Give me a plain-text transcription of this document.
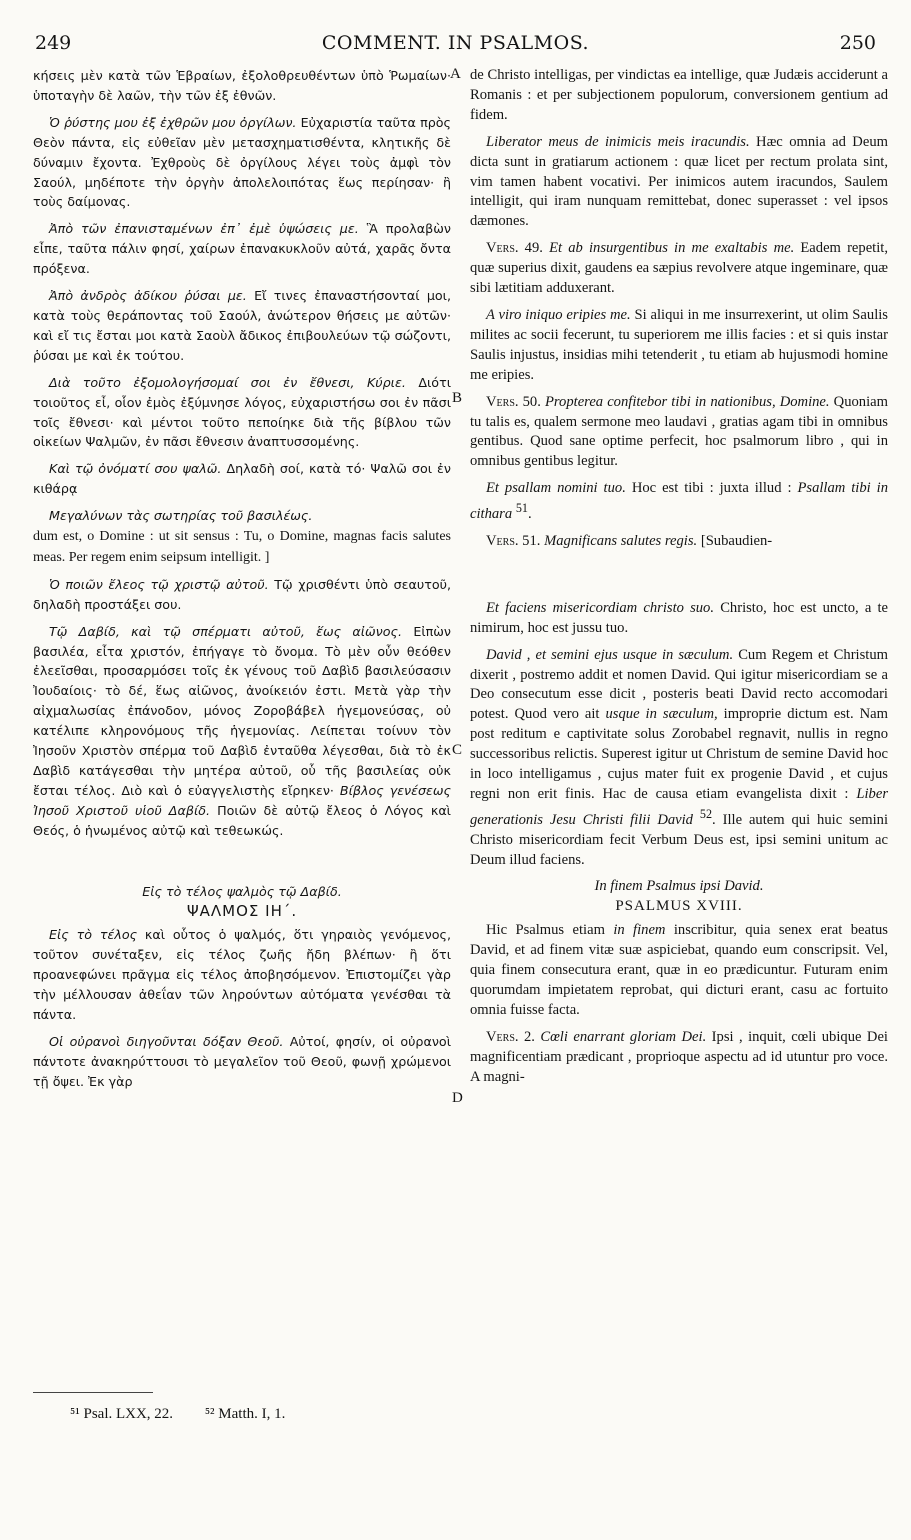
249	COMMENT. IN PSALMOS.	250
A
B
C
D

κήσεις μὲν κατὰ τῶν Ἑβραίων, ἐξολοθρευθέντων ὑπὸ Ῥωμαίων· ὑποταγὴν δὲ λαῶν, τὴν τῶν ἐξ ἐθνῶν.

Ὁ ῥύστης μου ἐξ ἐχθρῶν μου ὀργίλων. Εὐχαριστία ταῦτα πρὸς Θεὸν πάντα, εἰς εὐθεῖαν μὲν μετασχηματισθέντα, κλητικῆς δὲ δύναμιν ἔχοντα. Ἐχθροὺς δὲ ὀργίλους λέγει τοὺς ἀμφὶ τὸν Σαούλ, μηδέποτε τὴν ὀργὴν ἀπολελοιπότας ἕως περίησαν· ἢ τοὺς δαίμονας.

Ἀπὸ τῶν ἐπανισταμένων ἐπ᾽ ἐμὲ ὑψώσεις με. Ἃ προλαβὼν εἶπε, ταῦτα πάλιν φησί, χαίρων ἐπανακυκλοῦν αὐτά, χαρᾶς ὄντα πρόξενα.

Ἀπὸ ἀνδρὸς ἀδίκου ῥύσαι με. Εἴ τινες ἐπαναστήσονταί μοι, κατὰ τοὺς θεράποντας τοῦ Σαούλ, ἀνώτερον θήσεις με αὐτῶν· καὶ εἴ τις ἔσται μοι κατὰ Σαοὺλ ἄδικος ἐπιβουλεύων τῷ σώζοντι, ῥύσαι με καὶ ἐκ τούτου.

Διὰ τοῦτο ἐξομολογήσομαί σοι ἐν ἔθνεσι, Κύριε. Διότι τοιοῦτος εἶ, οἷον ἐμὸς ἐξύμνησε λόγος, εὐχαριστήσω σοι ἐν πᾶσι τοῖς ἔθνεσι· καὶ μέντοι τοῦτο πεποίηκε διὰ τῆς βίβλου τῶν οἰκείων Ψαλμῶν, ἐν πᾶσι ἔθνεσιν ἀναπτυσσομένης.

Καὶ τῷ ὀνόματί σου ψαλῶ. Δηλαδὴ σοί, κατὰ τό· Ψαλῶ σοι ἐν κιθάρᾳ

Μεγαλύνων τὰς σωτηρίας τοῦ βασιλέως.
dum est, o Domine : ut sit sensus : Tu, o Domine, magnas facis salutes meas. Per regem enim seipsum intelligit. ]

Ὁ ποιῶν ἔλεος τῷ χριστῷ αὐτοῦ. Τῷ χρισθέντι ὑπὸ σεαυτοῦ, δηλαδὴ προστάξει σου.

Τῷ Δαβίδ, καὶ τῷ σπέρματι αὐτοῦ, ἕως αἰῶνος. Εἰπὼν βασιλέα, εἶτα χριστόν, ἐπήγαγε τὸ ὄνομα. Τὸ μὲν οὖν θεόθεν ἐλεεῖσθαι, προσαρμόσει τοῖς ἐκ γένους τοῦ Δαβὶδ βασιλεύσασιν Ἰουδαίοις· τὸ δέ, ἕως αἰῶνος, ἀνοίκειόν ἐστι. Μετὰ γὰρ τὴν αἰχμαλωσίας ἐπάνοδον, μόνος Ζοροβάβελ ἡγεμονεύσας, οὐ κατέλιπε κληρονόμους τῆς ἡγεμονίας. Λείπεται τοίνυν τὸν Ἰησοῦν Χριστὸν σπέρμα τοῦ Δαβὶδ ἐνταῦθα λέγεσθαι, διὰ τὸ ἐκ Δαβὶδ κατάγεσθαι τὴν μητέρα αὐτοῦ, οὗ τῆς βασιλείας οὐκ ἔσται τέλος. Διὸ καὶ ὁ εὐαγγελιστὴς εἴρηκεν· Βίβλος γενέσεως Ἰησοῦ Χριστοῦ υἱοῦ Δαβίδ. Ποιῶν δὲ αὐτῷ ἔλεος ὁ Λόγος καὶ Θεός, ὁ ἡνωμένος αὐτῷ καὶ τεθεωκώς.

Εἰς τὸ τέλος ψαλμὸς τῷ Δαβίδ.

ΨΑΛΜΟΣ ΙΗ΄.

Εἰς τὸ τέλος καὶ οὗτος ὁ ψαλμός, ὅτι γηραιὸς γενόμενος, τοῦτον συνέταξεν, εἰς τέλος ζωῆς ἤδη βλέπων· ἢ ὅτι προανεφώνει πρᾶγμα εἰς τέλος ἀποβησόμενον. Ἐπιστομίζει γὰρ τὴν μέλλουσαν ἀθεΐαν τῶν ληρούντων αὐτόματα γενέσθαι τὰ πάντα.

Οἱ οὐρανοὶ διηγοῦνται δόξαν Θεοῦ. Αὐτοί, φησίν, οἱ οὐρανοὶ πάντοτε ἀνακηρύττουσι τὸ μεγαλεῖον τοῦ Θεοῦ, φωνῇ χρώμενοι τῇ ὄψει. Ἐκ γὰρ

de Christo intelligas, per vindictas ea intellige, quæ Judæis acciderunt a Romanis : et per subjectionem populorum, conversionem gentium ad fidem.

Liberator meus de inimicis meis iracundis. Hæc omnia ad Deum dicta sunt in gratiarum actionem : quæ licet per rectum prolata sint, vim tamen habent vocativi. Per inimicos autem iracundos, Saulem intelligit, qui iram nunquam remittebat, donec superasset : vel ipsos dæmones.

Vers. 49. Et ab insurgentibus in me exaltabis me. Eadem repetit, quæ superius dixit, gaudens ea sæpius revolvere atque ingeminare, quæ sibi lætitiam adduxerant.

A viro iniquo eripies me. Si aliqui in me insurrexerint, ut olim Saulis milites ac socii fecerunt, tu superiorem me illis facies : et si quis instar Saulis injustus, insidias mihi tetenderit , tu etiam ab hujusmodi homine me eripies.

Vers. 50. Propterea confitebor tibi in nationibus, Domine. Quoniam tu talis es, qualem sermone meo laudavi , gratias agam tibi in omnibus gentibus. Quod sane optime perfecit, hoc psalmorum libro , qui in omnibus gentibus legitur.

Et psallam nomini tuo. Hoc est tibi : juxta illud : Psallam tibi in cithara $^{51}$.

Vers. 51. Magnificans salutes regis. [Subaudien-

Et faciens misericordiam christo suo. Christo, hoc est uncto, a te nimirum, hoc est jussu tuo.

David , et semini ejus usque in sæculum. Cum Regem et Christum dixerit , postremo addit et nomen David. Qui igitur misericordiam se a Deo consecutum esse dicit , posteris beati David recto accomodari potest. Quod vero ait usque in sæculum, improprie dictum est. Nam post reditum e captivitate solus Zorobabel regnavit, nullis in regno successoribus relictis. Superest igitur ut Christum de semine David hoc in loco intelligamus , cujus mater fuit ex progenie David , et cujus regni non erit finis. Hac de causa etiam evangelista dixit : Liber generationis Jesu Christi filii David $^{52}$. Ille autem qui huic semini Christo misericordiam fecit Verbum Deus est, ipsi semini unitum ac Deum illud faciens.

In finem Psalmus ipsi David.

PSALMUS XVIII.

Hic Psalmus etiam in finem inscribitur, quia senex erat beatus David, et ad finem vitæ suæ aspiciebat, quando eum conscripsit. Vel, quia finem consecutura erant, quæ in eo prædicuntur. Futuram enim quorumdam impietatem reprobat, qui dicturi erant, casu ac fortuito omnia fuisse facta.

Vers. 2. Cœli enarrant gloriam Dei. Ipsi , inquit, cœli ubique Dei magnificentiam prædicant , proprioque aspectu ad id utuntur pro voce. A magni-

⁵¹ Psal. LXX, 22. ⁵² Matth. I, 1.
